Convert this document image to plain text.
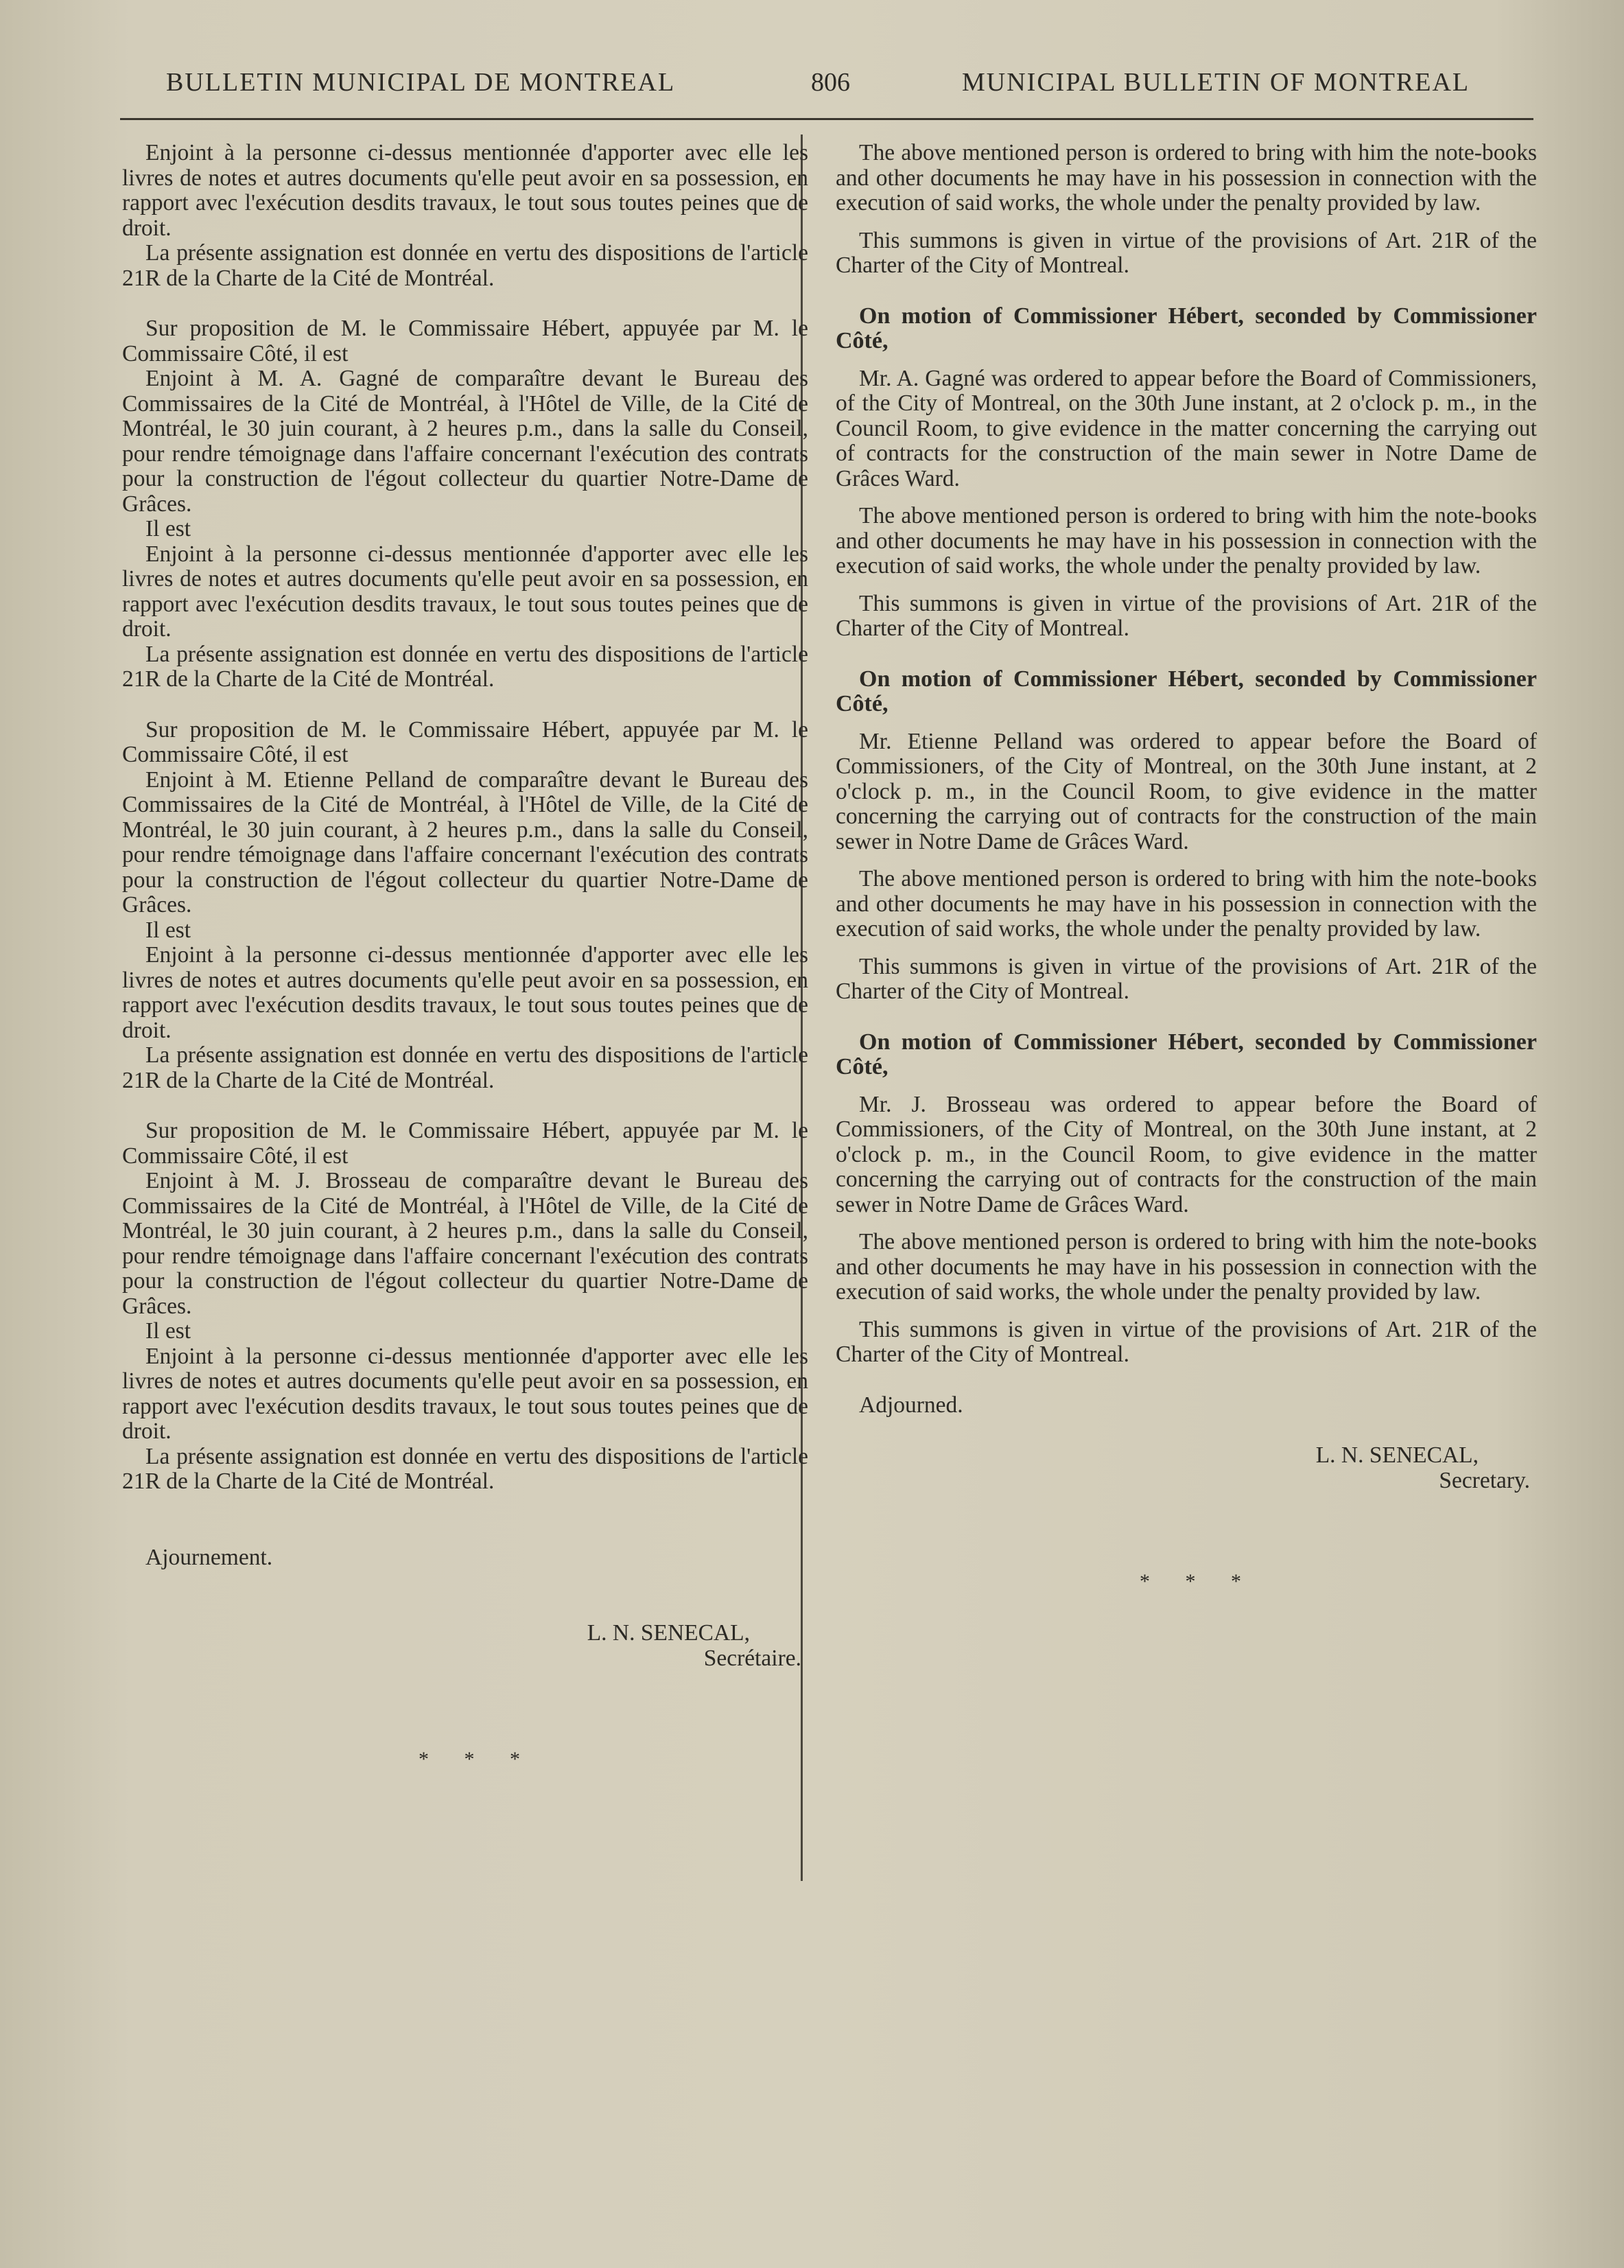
BULLETIN MUNICIPAL DE MONTREAL	806	MUNICIPAL BULLETIN OF MONTREAL

Enjoint à la personne ci-dessus mentionnée d'apporter avec elle les livres de notes et autres documents qu'elle peut avoir en sa possession, en rapport avec l'exécution desdits travaux, le tout sous toutes peines que de droit.

La présente assignation est donnée en vertu des dispositions de l'article 21R de la Charte de la Cité de Montréal.

Sur proposition de M. le Commissaire Hébert, appuyée par M. le Commissaire Côté, il est

Enjoint à M. A. Gagné de comparaître devant le Bureau des Commissaires de la Cité de Montréal, à l'Hôtel de Ville, de la Cité de Montréal, le 30 juin courant, à 2 heures p.m., dans la salle du Conseil, pour rendre témoignage dans l'affaire concernant l'exécution des contrats pour la construction de l'égout collecteur du quartier Notre-Dame de Grâces.

Il est

Enjoint à la personne ci-dessus mentionnée d'apporter avec elle les livres de notes et autres documents qu'elle peut avoir en sa possession, en rapport avec l'exécution desdits travaux, le tout sous toutes peines que de droit.

La présente assignation est donnée en vertu des dispositions de l'article 21R de la Charte de la Cité de Montréal.

Sur proposition de M. le Commissaire Hébert, appuyée par M. le Commissaire Côté, il est

Enjoint à M. Etienne Pelland de comparaître devant le Bureau des Commissaires de la Cité de Montréal, à l'Hôtel de Ville, de la Cité de Montréal, le 30 juin courant, à 2 heures p.m., dans la salle du Conseil, pour rendre témoignage dans l'affaire concernant l'exécution des contrats pour la construction de l'égout collecteur du quartier Notre-Dame de Grâces.

Il est

Enjoint à la personne ci-dessus mentionnée d'apporter avec elle les livres de notes et autres documents qu'elle peut avoir en sa possession, en rapport avec l'exécution desdits travaux, le tout sous toutes peines que de droit.

La présente assignation est donnée en vertu des dispositions de l'article 21R de la Charte de la Cité de Montréal.

Sur proposition de M. le Commissaire Hébert, appuyée par M. le Commissaire Côté, il est

Enjoint à M. J. Brosseau de comparaître devant le Bureau des Commissaires de la Cité de Montréal, à l'Hôtel de Ville, de la Cité de Montréal, le 30 juin courant, à 2 heures p.m., dans la salle du Conseil, pour rendre témoignage dans l'affaire concernant l'exécution des contrats pour la construction de l'égout collecteur du quartier Notre-Dame de Grâces.

Il est

Enjoint à la personne ci-dessus mentionnée d'apporter avec elle les livres de notes et autres documents qu'elle peut avoir en sa possession, en rapport avec l'exécution desdits travaux, le tout sous toutes peines que de droit.

La présente assignation est donnée en vertu des dispositions de l'article 21R de la Charte de la Cité de Montréal.

Ajournement.

L. N. SENECAL,

Secrétaire.

* * *

The above mentioned person is ordered to bring with him the note-books and other documents he may have in his possession in connection with the execution of said works, the whole under the penalty provided by law.

This summons is given in virtue of the provisions of Art. 21R of the Charter of the City of Montreal.

On motion of Commissioner Hébert, seconded by Commissioner Côté,

Mr. A. Gagné was ordered to appear before the Board of Commissioners, of the City of Montreal, on the 30th June instant, at 2 o'clock p. m., in the Council Room, to give evidence in the matter concerning the carrying out of contracts for the construction of the main sewer in Notre Dame de Grâces Ward.

The above mentioned person is ordered to bring with him the note-books and other documents he may have in his possession in connection with the execution of said works, the whole under the penalty provided by law.

This summons is given in virtue of the provisions of Art. 21R of the Charter of the City of Montreal.

On motion of Commissioner Hébert, seconded by Commissioner Côté,

Mr. Etienne Pelland was ordered to appear before the Board of Commissioners, of the City of Montreal, on the 30th June instant, at 2 o'clock p. m., in the Council Room, to give evidence in the matter concerning the carrying out of contracts for the construction of the main sewer in Notre Dame de Grâces Ward.

The above mentioned person is ordered to bring with him the note-books and other documents he may have in his possession in connection with the execution of said works, the whole under the penalty provided by law.

This summons is given in virtue of the provisions of Art. 21R of the Charter of the City of Montreal.

On motion of Commissioner Hébert, seconded by Commissioner Côté,

Mr. J. Brosseau was ordered to appear before the Board of Commissioners, of the City of Montreal, on the 30th June instant, at 2 o'clock p. m., in the Council Room, to give evidence in the matter concerning the carrying out of contracts for the construction of the main sewer in Notre Dame de Grâces Ward.

The above mentioned person is ordered to bring with him the note-books and other documents he may have in his possession in connection with the execution of said works, the whole under the penalty provided by law.

This summons is given in virtue of the provisions of Art. 21R of the Charter of the City of Montreal.

Adjourned.

L. N. SENECAL,

Secretary.

* * *
